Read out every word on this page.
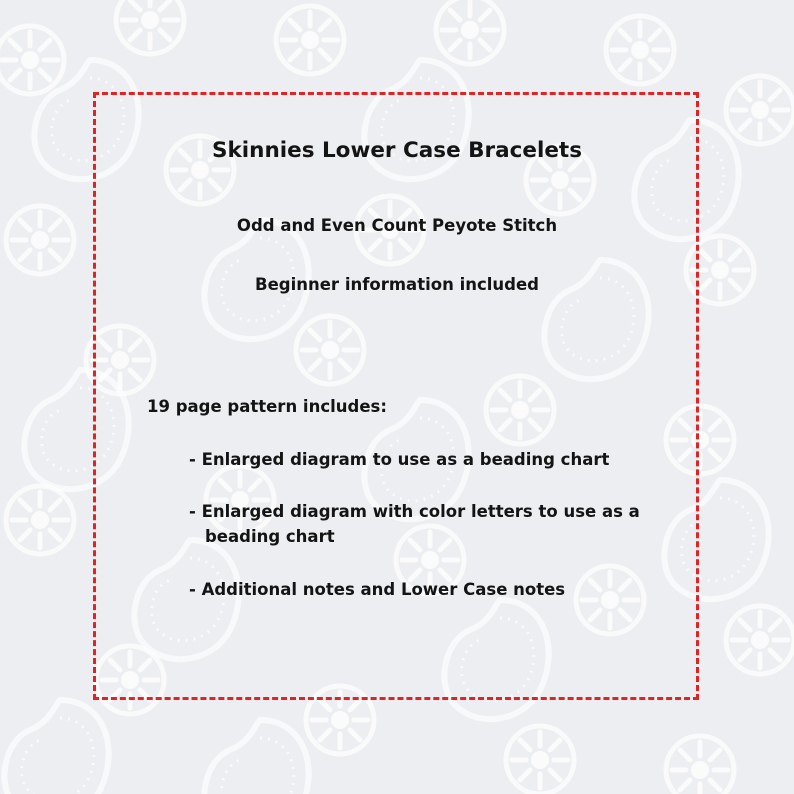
Skinnies Lower Case Bracelets

Odd and Even Count Peyote Stitch

Beginner information included

19 page pattern includes:

- Enlarged diagram to use as a beading chart

- Enlarged diagram with color letters to use as a

beading chart

- Additional notes and Lower Case notes
